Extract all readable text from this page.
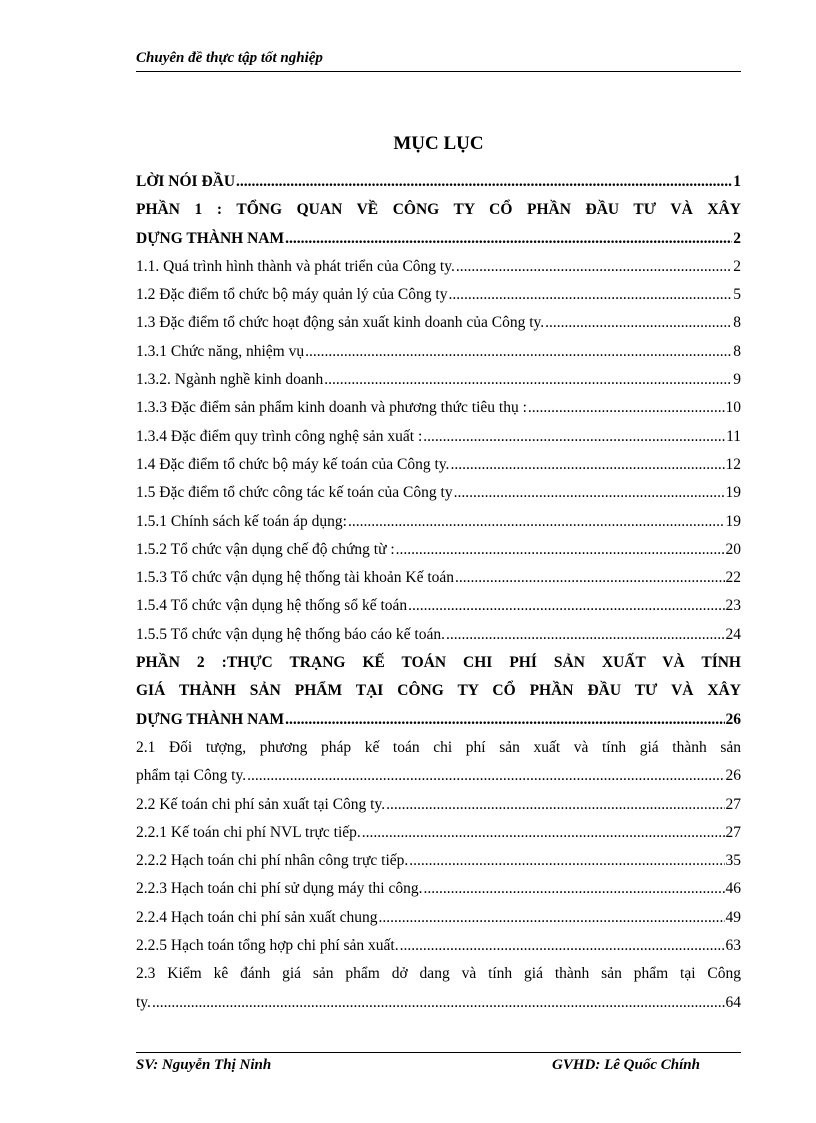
Chuyên đề thực tập tốt nghiệp
MỤC LỤC
LỜI NÓI ĐẦU .....	1
PHẦN 1 : TỔNG QUAN VỀ CÔNG TY CỔ PHẦN ĐẦU TƯ VÀ XÂY
DỰNG THÀNH NAM .....	2
1.1. Quá trình hình thành và phát triển của Công ty. .....	2
1.2 Đặc điểm tổ chức bộ máy quản lý của Công ty .....	5
1.3 Đặc điểm tổ chức hoạt động sản xuất kinh doanh của Công ty. .....	8
1.3.1 Chức năng, nhiệm vụ .....	8
1.3.2. Ngành nghề kinh doanh .....	9
1.3.3 Đặc điểm sản phẩm kinh doanh và phương thức tiêu thụ : .....	10
1.3.4 Đặc điểm quy trình công nghệ sản xuất : .....	11
1.4 Đặc điểm tổ chức bộ máy kế toán của Công ty. .....	12
1.5 Đặc điểm tổ chức công tác kế toán của Công ty .....	19
1.5.1 Chính sách kế toán áp dụng: .....	19
1.5.2 Tổ chức vận dụng chế độ chứng từ : .....	20
1.5.3 Tổ chức vận dụng hệ thống tài khoản Kế toán .....	22
1.5.4 Tổ chức vận dụng hệ thống sổ kế toán .....	23
1.5.5 Tổ chức vận dụng hệ thống báo cáo kế toán. .....	24
PHẦN 2 :THỰC TRẠNG KẾ TOÁN CHI PHÍ SẢN XUẤT VÀ TÍNH
GIÁ THÀNH SẢN PHẨM TẠI CÔNG TY CỔ PHẦN ĐẦU TƯ VÀ XÂY
DỰNG THÀNH NAM .....	26
2.1 Đối tượng, phương pháp kế toán chi phí sản xuất và tính giá thành sản
phẩm tại Công ty. .....	26
2.2 Kế toán chi phí sản xuất tại Công ty. .....	27
2.2.1 Kế toán chi phí NVL trực tiếp. .....	27
2.2.2 Hạch toán chi phí nhân công trực tiếp. .....	35
2.2.3 Hạch toán chi phí sử dụng máy thi công. .....	46
2.2.4 Hạch toán chi phí sản xuất chung .....	49
2.2.5 Hạch toán tổng hợp chi phí sản xuất. .....	63
2.3 Kiểm kê đánh giá sản phẩm dở dang và tính giá thành sản phẩm tại Công
ty. .....	64
SV: Nguyễn Thị Ninh	GVHD: Lê Quốc Chính
